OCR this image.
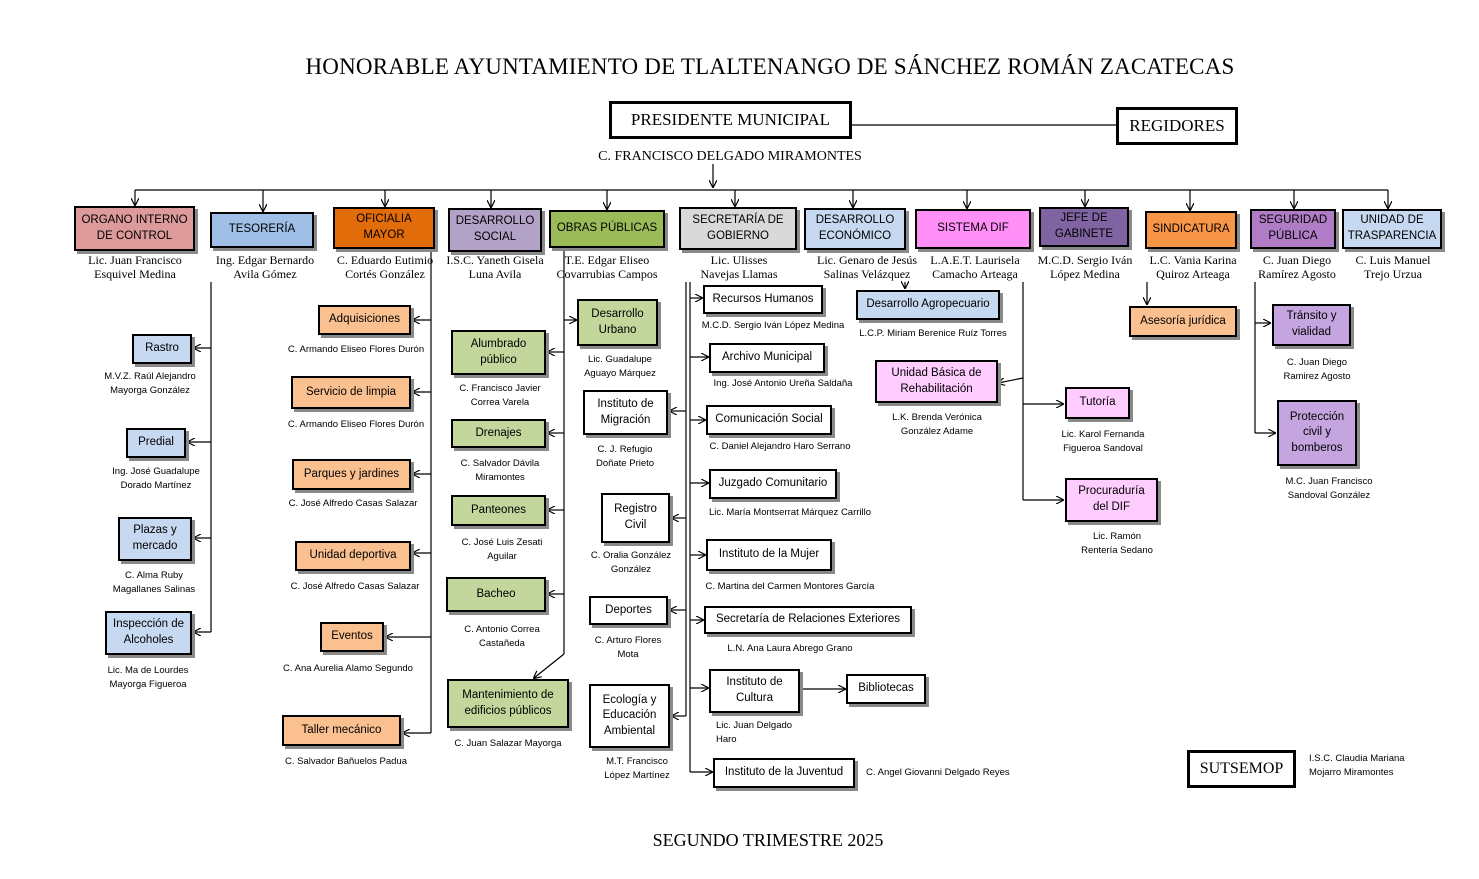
HONORABLE AYUNTAMIENTO DE TLALTENANGO DE SÁNCHEZ ROMÁN ZACATECAS
PRESIDENTE MUNICIPAL
C. FRANCISCO DELGADO MIRAMONTES
REGIDORES
ORGANO INTERNO DE CONTROL
Lic. Juan Francisco
Esquivel Medina
TESORERÍA
Ing. Edgar Bernardo
Avila Gómez
OFICIALIA MAYOR
C. Eduardo Eutimio
Cortés González
DESARROLLO SOCIAL
I.S.C. Yaneth Gisela
Luna Avila
OBRAS PÚBLICAS
T.E. Edgar Eliseo
Covarrubias Campos
SECRETARÍA DE GOBIERNO
Lic. Ulisses
Navejas Llamas
DESARROLLO ECONÓMICO
Lic. Genaro de Jesús
Salinas Velázquez
SISTEMA DIF
L.A.E.T. Laurisela
Camacho Arteaga
JEFE DE GABINETE
M.C.D. Sergio Iván
López Medina
SINDICATURA
L.C. Vania Karina
Quiroz Arteaga
SEGURIDAD PÚBLICA
C. Juan Diego
Ramírez Agosto
UNIDAD DE TRASPARENCIA
C. Luis Manuel
Trejo Urzua
Rastro
M.V.Z. Raúl Alejandro
Mayorga González
Predial
Ing. José Guadalupe
Dorado Martínez
Plazas y mercado
C. Alma Ruby
Magallanes Salinas
Inspección de Alcoholes
Lic. Ma de Lourdes
Mayorga Figueroa
Adquisiciones
C. Armando Eliseo Flores Durón
Servicio de limpia
C. Armando Eliseo Flores Durón
Parques y jardines
C. José Alfredo Casas Salazar
Unidad deportiva
C. José Alfredo Casas Salazar
Eventos
C. Ana Aurelia Alamo Segundo
Taller mecánico
C. Salvador Bañuelos Padua
Alumbrado público
C. Francisco Javier
Correa Varela
Drenajes
C. Salvador Dávila
Miramontes
Panteones
C. José Luis Zesati
Aguilar
Bacheo
C. Antonio Correa
Castañeda
Mantenimiento de edificios públicos
C. Juan Salazar Mayorga
Desarrollo Urbano
Lic. Guadalupe
Aguayo Márquez
Instituto de Migración
C. J. Refugio
Doñate Prieto
Registro Civil
C. Oralia González
González
Deportes
C. Arturo Flores
Mota
Ecología y Educación Ambiental
M.T. Francisco
López Martínez
Recursos Humanos
M.C.D. Sergio Iván López Medina
Archivo Municipal
Ing. José Antonio Ureña Saldaña
Comunicación Social
C. Daniel Alejandro Haro Serrano
Juzgado Comunitario
Lic. María Montserrat Márquez Carrillo
Instituto de la Mujer
C. Martina del Carmen Montores García
Secretaría de Relaciones Exteriores
L.N. Ana Laura Abrego Grano
Instituto de Cultura
Lic. Juan Delgado
Haro
Bibliotecas
Instituto de la Juventud	C. Angel Giovanni Delgado Reyes
Desarrollo Agropecuario
L.C.P. Miriam Berenice Ruíz Torres
Unidad Básica de Rehabilitación
L.K. Brenda Verónica
González Adame
Tutoría
Lic. Karol Fernanda
Figueroa Sandoval
Procuraduría del DIF
Lic. Ramón
Rentería Sedano
Asesoría jurídica	Tránsito y vialidad
C. Juan Diego
Ramirez Agosto
Protección civil y bomberos
M.C. Juan Francisco
Sandoval González
SUTSEMOP
I.S.C. Claudia Mariana
Mojarro Miramontes
SEGUNDO TRIMESTRE 2025
